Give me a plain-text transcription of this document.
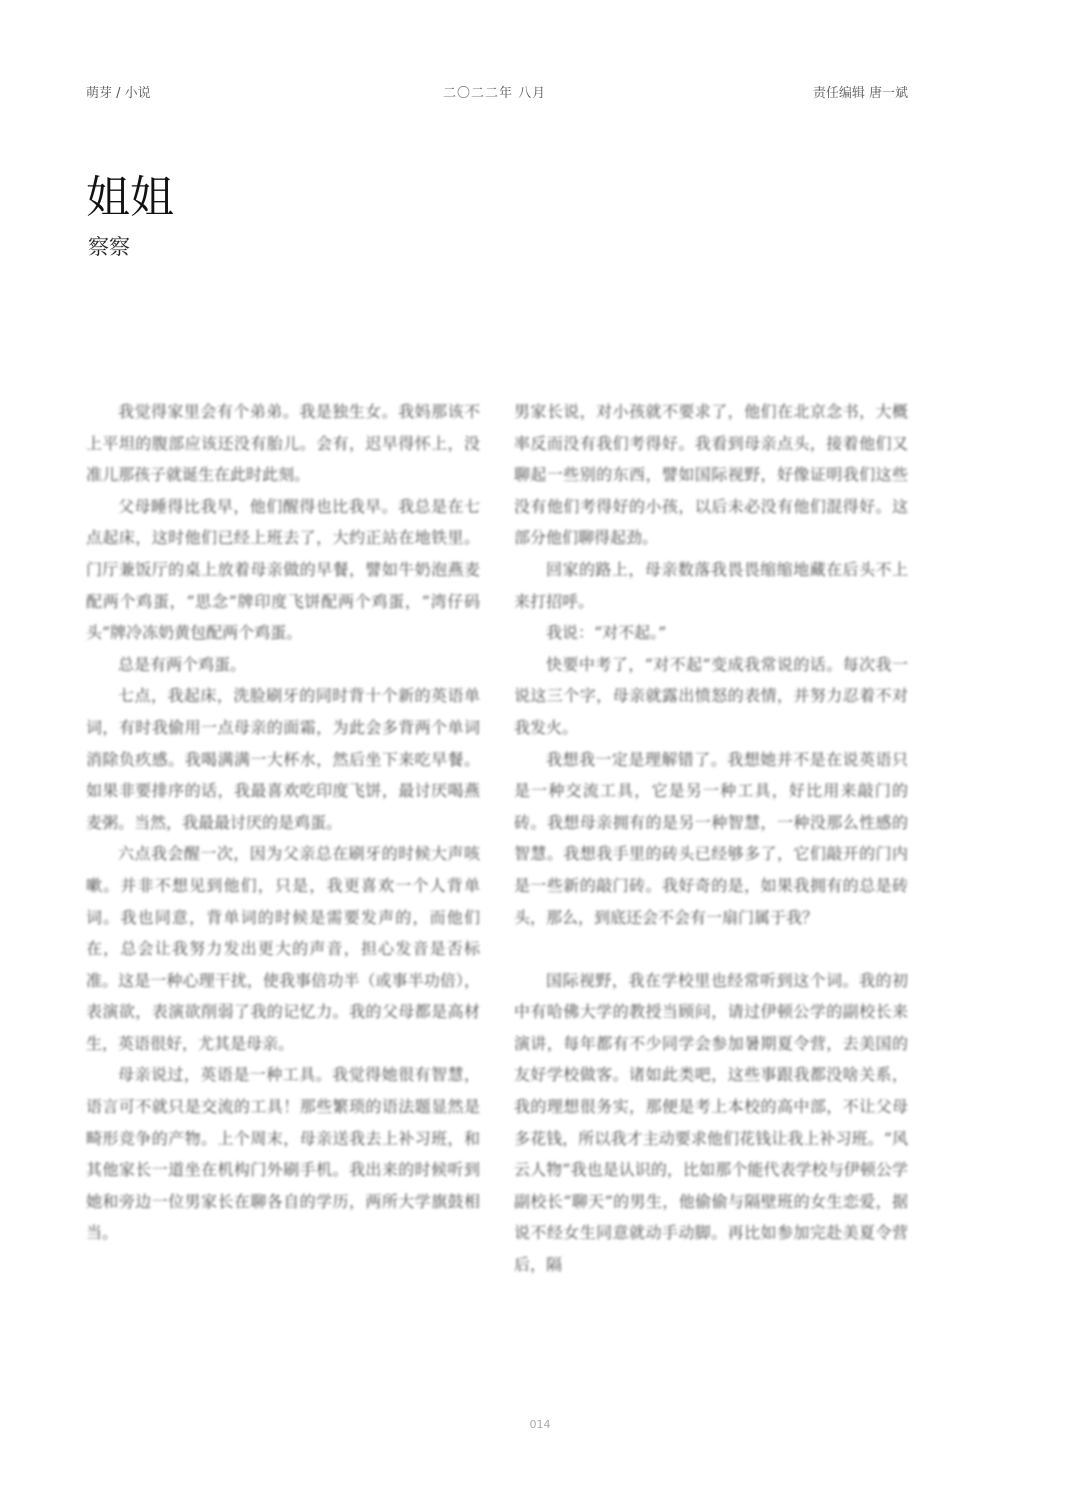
萌芽 / 小说	二〇二二年 八月	责任编辑 唐一斌
姐姐
察察

我觉得家里会有个弟弟。我是独生女。我妈那该不上平坦的腹部应该还没有胎儿。会有，迟早得怀上，没准儿那孩子就诞生在此时此刻。

父母睡得比我早，他们醒得也比我早。我总是在七点起床，这时他们已经上班去了，大约正站在地铁里。门厅兼饭厅的桌上放着母亲做的早餐，譬如牛奶泡燕麦配两个鸡蛋，“思念”牌印度飞饼配两个鸡蛋，“湾仔码头”牌冷冻奶黄包配两个鸡蛋。

总是有两个鸡蛋。

七点，我起床，洗脸刷牙的同时背十个新的英语单词，有时我偷用一点母亲的面霜，为此会多背两个单词消除负疚感。我喝满满一大杯水，然后坐下来吃早餐。如果非要排序的话，我最喜欢吃印度飞饼，最讨厌喝燕麦粥。当然，我最最讨厌的是鸡蛋。

六点我会醒一次，因为父亲总在刷牙的时候大声咳嗽。并非不想见到他们，只是，我更喜欢一个人背单词。我也同意，背单词的时候是需要发声的，而他们在，总会让我努力发出更大的声音，担心发音是否标准。这是一种心理干扰，使我事倍功半（或事半功倍），表演欲，表演欲削弱了我的记忆力。我的父母都是高材生，英语很好，尤其是母亲。

母亲说过，英语是一种工具。我觉得她很有智慧，语言可不就只是交流的工具！那些繁琐的语法题显然是畸形竞争的产物。上个周末，母亲送我去上补习班，和其他家长一道坐在机构门外刷手机。我出来的时候听到她和旁边一位男家长在聊各自的学历，两所大学旗鼓相当。

男家长说，对小孩就不要求了，他们在北京念书，大概率反而没有我们考得好。我看到母亲点头，接着他们又聊起一些别的东西，譬如国际视野，好像证明我们这些没有他们考得好的小孩，以后未必没有他们混得好。这部分他们聊得起劲。

回家的路上，母亲数落我畏畏缩缩地藏在后头不上来打招呼。

我说：“对不起。”

快要中考了，“对不起”变成我常说的话。每次我一说这三个字，母亲就露出愤怒的表情，并努力忍着不对我发火。

我想我一定是理解错了。我想她并不是在说英语只是一种交流工具，它是另一种工具，好比用来敲门的砖。我想母亲拥有的是另一种智慧，一种没那么性感的智慧。我想我手里的砖头已经够多了，它们敲开的门内是一些新的敲门砖。我好奇的是，如果我拥有的总是砖头，那么，到底还会不会有一扇门属于我？

国际视野，我在学校里也经常听到这个词。我的初中有哈佛大学的教授当顾问，请过伊顿公学的副校长来演讲，每年都有不少同学会参加暑期夏令营，去美国的友好学校做客。诸如此类吧，这些事跟我都没啥关系，我的理想很务实，那便是考上本校的高中部，不让父母多花钱，所以我才主动要求他们花钱让我上补习班。“风云人物”我也是认识的，比如那个能代表学校与伊顿公学副校长“聊天”的男生，他偷偷与隔壁班的女生恋爱，据说不经女生同意就动手动脚。再比如参加完赴美夏令营后，隔

014
